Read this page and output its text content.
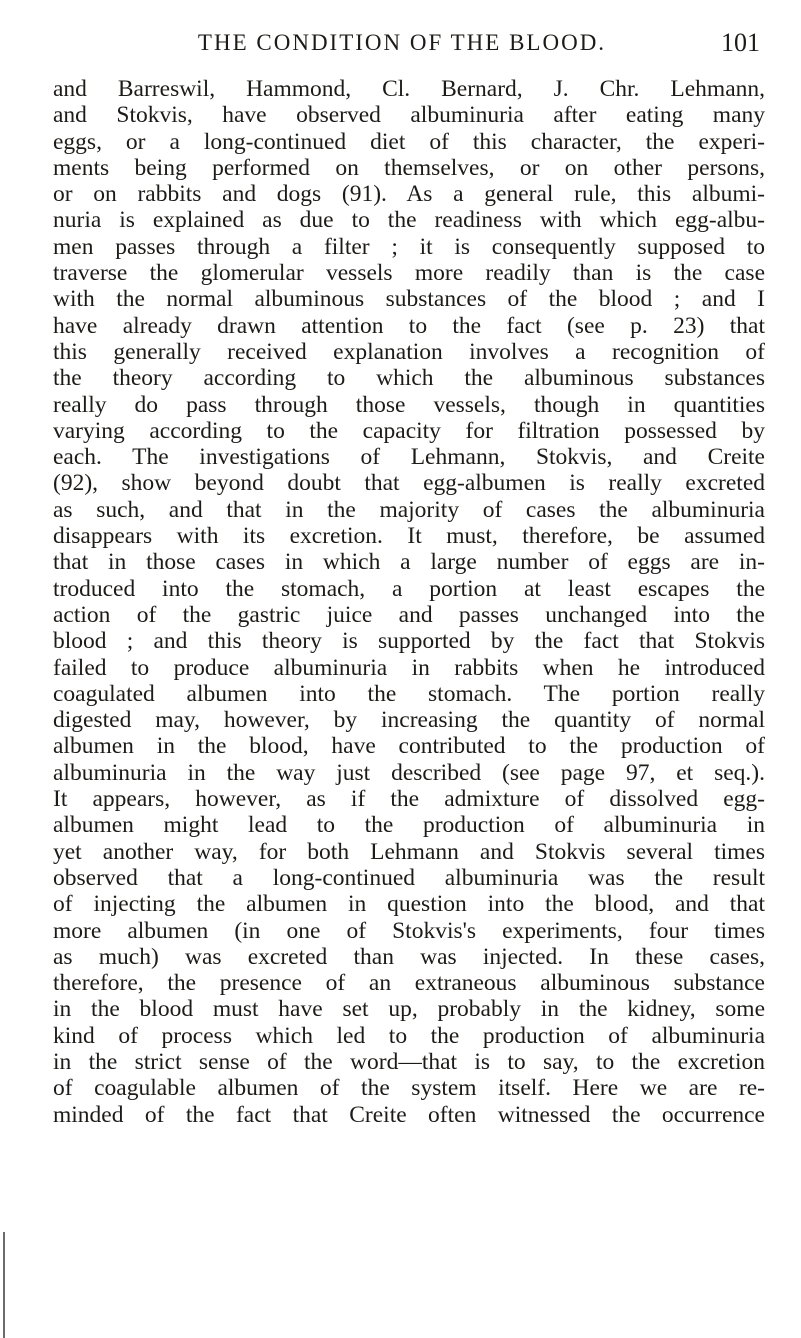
THE CONDITION OF THE BLOOD.	101
and Barreswil, Hammond, Cl. Bernard, J. Chr. Lehmann,
and Stokvis, have observed albuminuria after eating many
eggs, or a long-continued diet of this character, the experi-
ments being performed on themselves, or on other persons,
or on rabbits and dogs (91). As a general rule, this albumi-
nuria is explained as due to the readiness with which egg-albu-
men passes through a filter ; it is consequently supposed to
traverse the glomerular vessels more readily than is the case
with the normal albuminous substances of the blood ; and I
have already drawn attention to the fact (see p. 23) that
this generally received explanation involves a recognition of
the theory according to which the albuminous substances
really do pass through those vessels, though in quantities
varying according to the capacity for filtration possessed by
each. The investigations of Lehmann, Stokvis, and Creite
(92), show beyond doubt that egg-albumen is really excreted
as such, and that in the majority of cases the albuminuria
disappears with its excretion. It must, therefore, be assumed
that in those cases in which a large number of eggs are in-
troduced into the stomach, a portion at least escapes the
action of the gastric juice and passes unchanged into the
blood ; and this theory is supported by the fact that Stokvis
failed to produce albuminuria in rabbits when he introduced
coagulated albumen into the stomach. The portion really
digested may, however, by increasing the quantity of normal
albumen in the blood, have contributed to the production of
albuminuria in the way just described (see page 97, et seq.).
It appears, however, as if the admixture of dissolved egg-
albumen might lead to the production of albuminuria in
yet another way, for both Lehmann and Stokvis several times
observed that a long-continued albuminuria was the result
of injecting the albumen in question into the blood, and that
more albumen (in one of Stokvis's experiments, four times
as much) was excreted than was injected. In these cases,
therefore, the presence of an extraneous albuminous substance
in the blood must have set up, probably in the kidney, some
kind of process which led to the production of albuminuria
in the strict sense of the word—that is to say, to the excretion
of coagulable albumen of the system itself. Here we are re-
minded of the fact that Creite often witnessed the occurrence
